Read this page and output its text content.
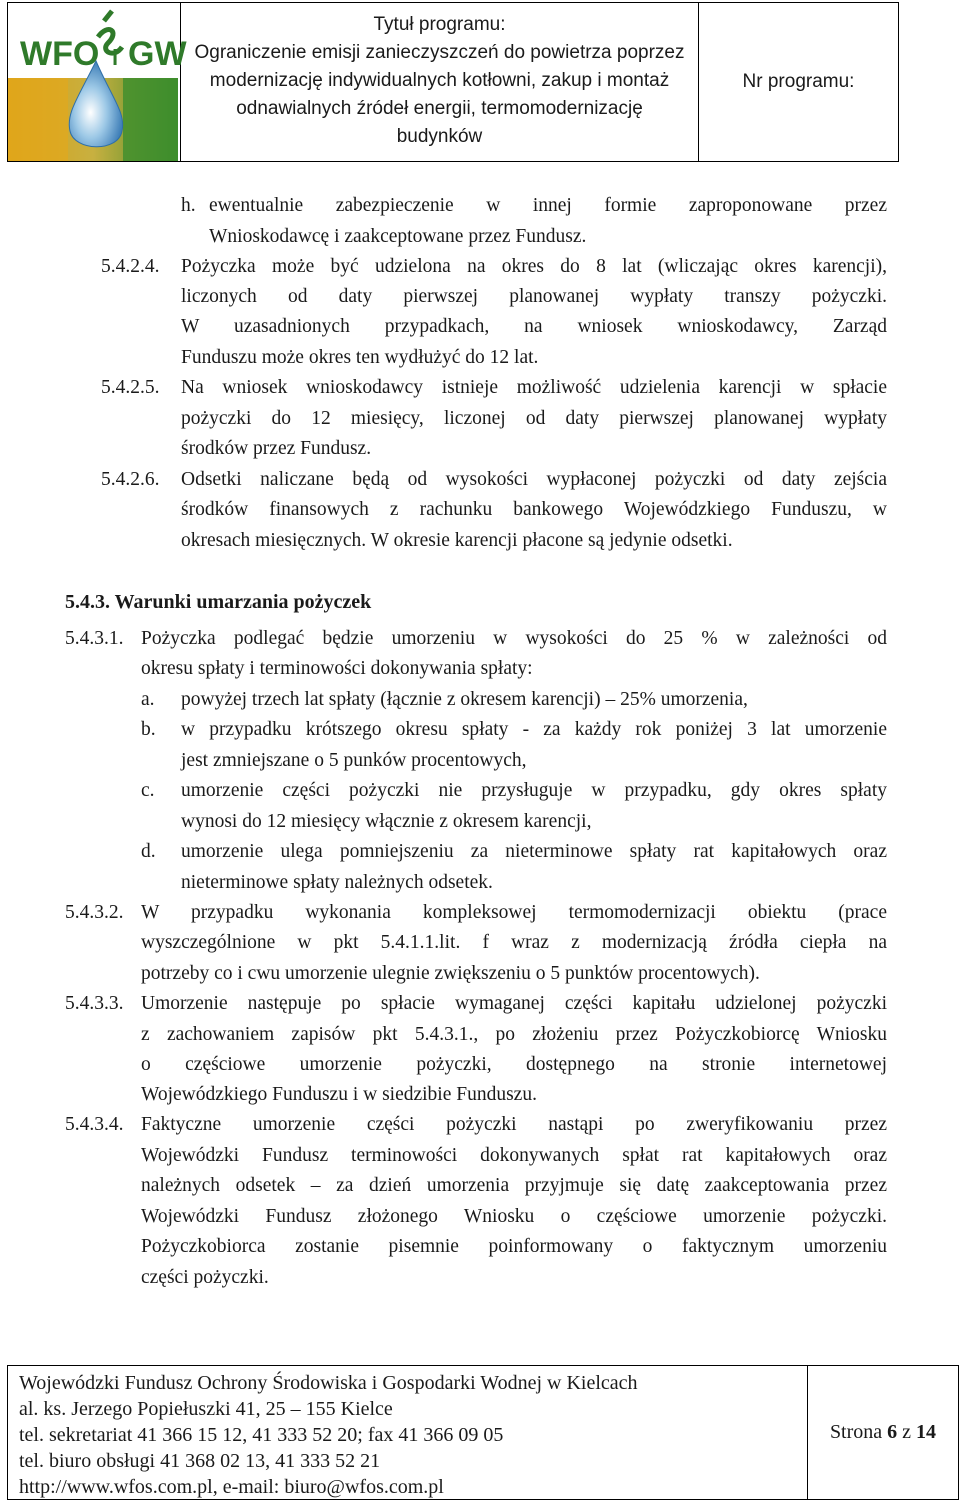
WFO GW
i
Tytuł programu:
Ograniczenie emisji zanieczyszczeń do powietrza poprzez
modernizację indywidualnych kotłowni, zakup i montaż
odnawialnych źródeł energii, termomodernizację
budynków
Nr programu:
h. ewentualnie zabezpieczenie w innej formie zaproponowane przez
Wnioskodawcę i zaakceptowane przez Fundusz.
5.4.2.4. Pożyczka może być udzielona na okres do 8 lat (wliczając okres karencji),
liczonych od daty pierwszej planowanej wypłaty transzy pożyczki.
W uzasadnionych przypadkach, na wniosek wnioskodawcy, Zarząd
Funduszu może okres ten wydłużyć do 12 lat.
5.4.2.5. Na wniosek wnioskodawcy istnieje możliwość udzielenia karencji w spłacie
pożyczki do 12 miesięcy, liczonej od daty pierwszej planowanej wypłaty
środków przez Fundusz.
5.4.2.6. Odsetki naliczane będą od wysokości wypłaconej pożyczki od daty zejścia
środków finansowych z rachunku bankowego Wojewódzkiego Funduszu, w
okresach miesięcznych. W okresie karencji płacone są jedynie odsetki.
5.4.3. Warunki umarzania pożyczek
5.4.3.1. Pożyczka podlegać będzie umorzeniu w wysokości do 25 % w zależności od
okresu spłaty i terminowości dokonywania spłaty:
a. powyżej trzech lat spłaty (łącznie z okresem karencji) – 25% umorzenia,
b. w przypadku krótszego okresu spłaty - za każdy rok poniżej 3 lat umorzenie
jest zmniejszane o 5 punków procentowych,
c. umorzenie części pożyczki nie przysługuje w przypadku, gdy okres spłaty
wynosi do 12 miesięcy włącznie z okresem karencji,
d. umorzenie ulega pomniejszeniu za nieterminowe spłaty rat kapitałowych oraz
nieterminowe spłaty należnych odsetek.
5.4.3.2. W przypadku wykonania kompleksowej termomodernizacji obiektu (prace
wyszczególnione w pkt 5.4.1.1.lit. f wraz z modernizacją źródła ciepła na
potrzeby co i cwu umorzenie ulegnie zwiększeniu o 5 punktów procentowych).
5.4.3.3. Umorzenie następuje po spłacie wymaganej części kapitału udzielonej pożyczki
z zachowaniem zapisów pkt 5.4.3.1., po złożeniu przez Pożyczkobiorcę Wniosku
o częściowe umorzenie pożyczki, dostępnego na stronie internetowej
Wojewódzkiego Funduszu i w siedzibie Funduszu.
5.4.3.4. Faktyczne umorzenie części pożyczki nastąpi po zweryfikowaniu przez
Wojewódzki Fundusz terminowości dokonywanych spłat rat kapitałowych oraz
należnych odsetek – za dzień umorzenia przyjmuje się datę zaakceptowania przez
Wojewódzki Fundusz złożonego Wniosku o częściowe umorzenie pożyczki.
Pożyczkobiorca zostanie pisemnie poinformowany o faktycznym umorzeniu
części pożyczki.
Wojewódzki Fundusz Ochrony Środowiska i Gospodarki Wodnej w Kielcach
al. ks. Jerzego Popiełuszki 41, 25 – 155 Kielce
tel. sekretariat 41 366 15 12, 41 333 52 20; fax 41 366 09 05
tel. biuro obsługi 41 368 02 13, 41 333 52 21
http://www.wfos.com.pl, e-mail: biuro@wfos.com.pl
Strona
6
z
14
